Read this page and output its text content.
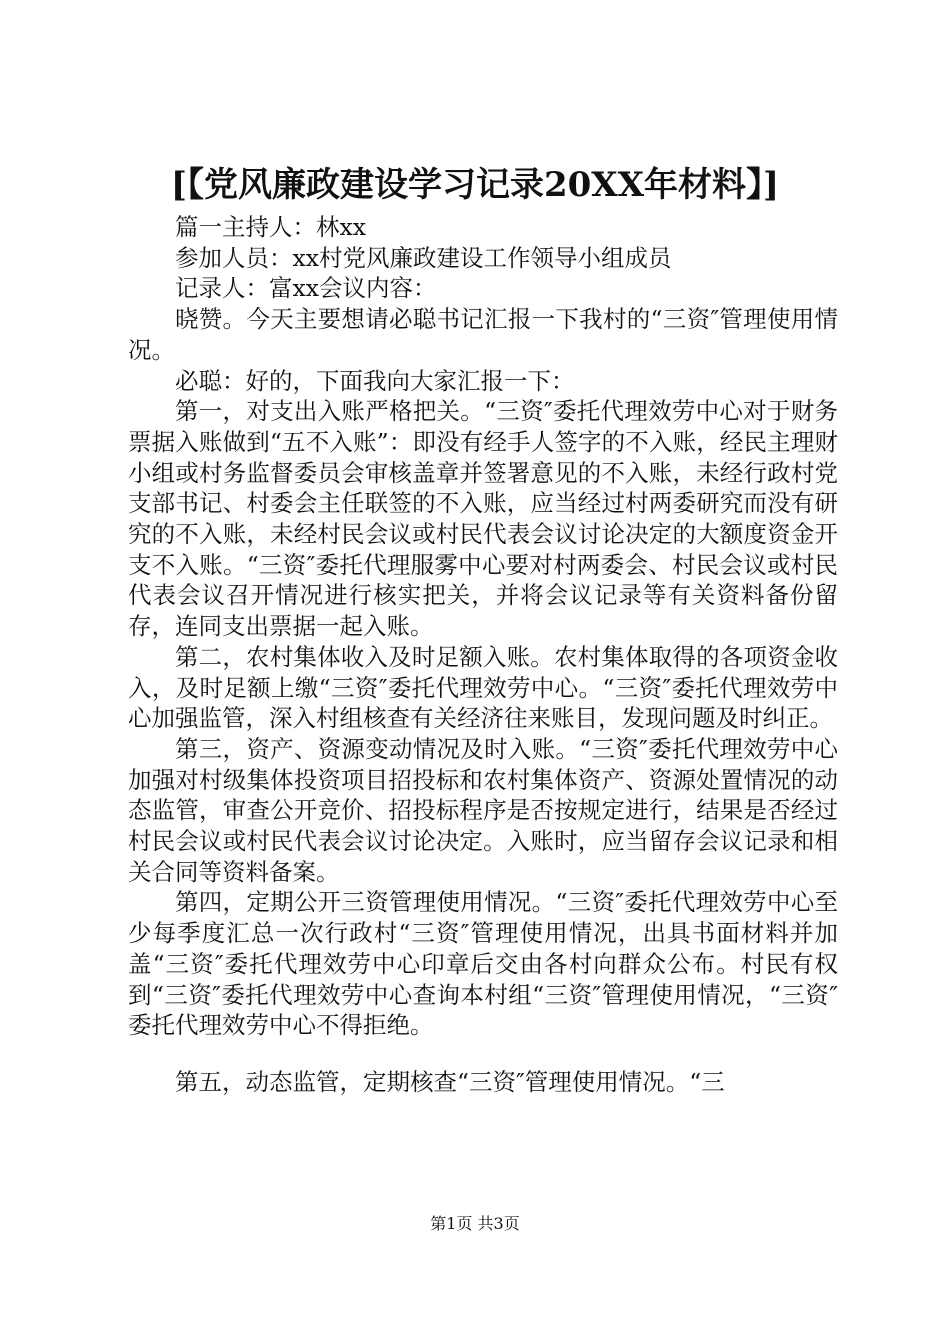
[【党风廉政建设学习记录20XX年材料】]

篇一主持人：林xx

参加人员：xx村党风廉政建设工作领导小组成员

记录人：富xx会议内容：

晓赞。今天主要想请必聪书记汇报一下我村的“三资″管理使用情况。

必聪：好的，下面我向大家汇报一下：

第一，对支出入账严格把关。“三资″委托代理效劳中心对于财务票据入账做到“五不入账”：即没有经手人签字的不入账，经民主理财小组或村务监督委员会审核盖章并签署意见的不入账，未经行政村党支部书记、村委会主任联签的不入账，应当经过村两委研究而没有研究的不入账，未经村民会议或村民代表会议讨论决定的大额度资金开支不入账。“三资″委托代理服雾中心要对村两委会、村民会议或村民代表会议召开情况进行核实把关，并将会议记录等有关资料备份留存，连同支出票据一起入账。

第二，农村集体收入及时足额入账。农村集体取得的各项资金收入，及时足额上缴“三资″委托代理效劳中心。“三资″委托代理效劳中心加强监管，深入村组核查有关经济往来账目，发现问题及时纠正。

第三，资产、资源变动情况及时入账。“三资″委托代理效劳中心加强对村级集体投资项目招投标和农村集体资产、资源处置情况的动态监管，审查公开竞价、招投标程序是否按规定进行，结果是否经过村民会议或村民代表会议讨论决定。入账时，应当留存会议记录和相关合同等资料备案。

第四，定期公开三资管理使用情况。“三资″委托代理效劳中心至少每季度汇总一次行政村“三资″管理使用情况，出具书面材料并加盖“三资″委托代理效劳中心印章后交由各村向群众公布。村民有权到“三资″委托代理效劳中心查询本村组“三资″管理使用情况，“三资″委托代理效劳中心不得拒绝。

第五，动态监管，定期核查“三资″管理使用情况。“三

第1页 共3页
